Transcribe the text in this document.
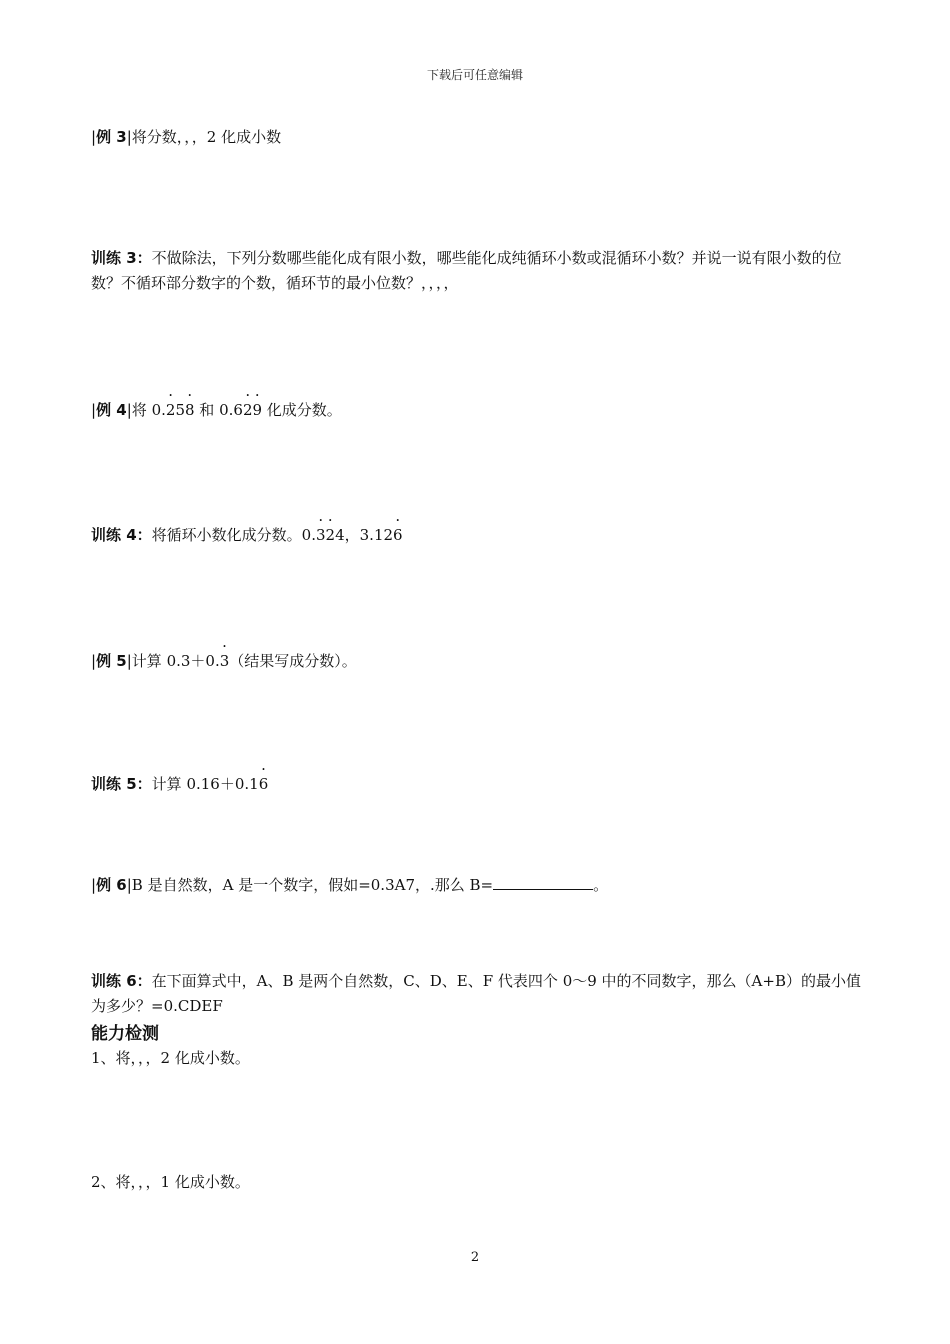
下载后可任意编辑
|例 3|将分数，，，2 化成小数
训练 3：不做除法，下列分数哪些能化成有限小数，哪些能化成纯循环小数或混循环小数？并说一说有限小数的位数？不循环部分数字的个数，循环节的最小位数？，，，，
|例 4|将 0.· 25· 8 和 0.6· 2· 9 化成分数。
训练 4：将循环小数化成分数。0.· 3· 24，3.12· 6
|例 5|计算 0.3＋0.· 3（结果写成分数）。
训练 5：计算 0.16＋0.1· 6
|例 6|B 是自然数，A 是一个数字，假如=0.3A7，.那么 B=	。
训练 6：在下面算式中，A、B 是两个自然数，C、D、E、F 代表四个 0～9 中的不同数字，那么（A+B）的最小值为多少？=0.CDEF
能力检测
1、将，，，2 化成小数。
2、将，，，1 化成小数。
2
